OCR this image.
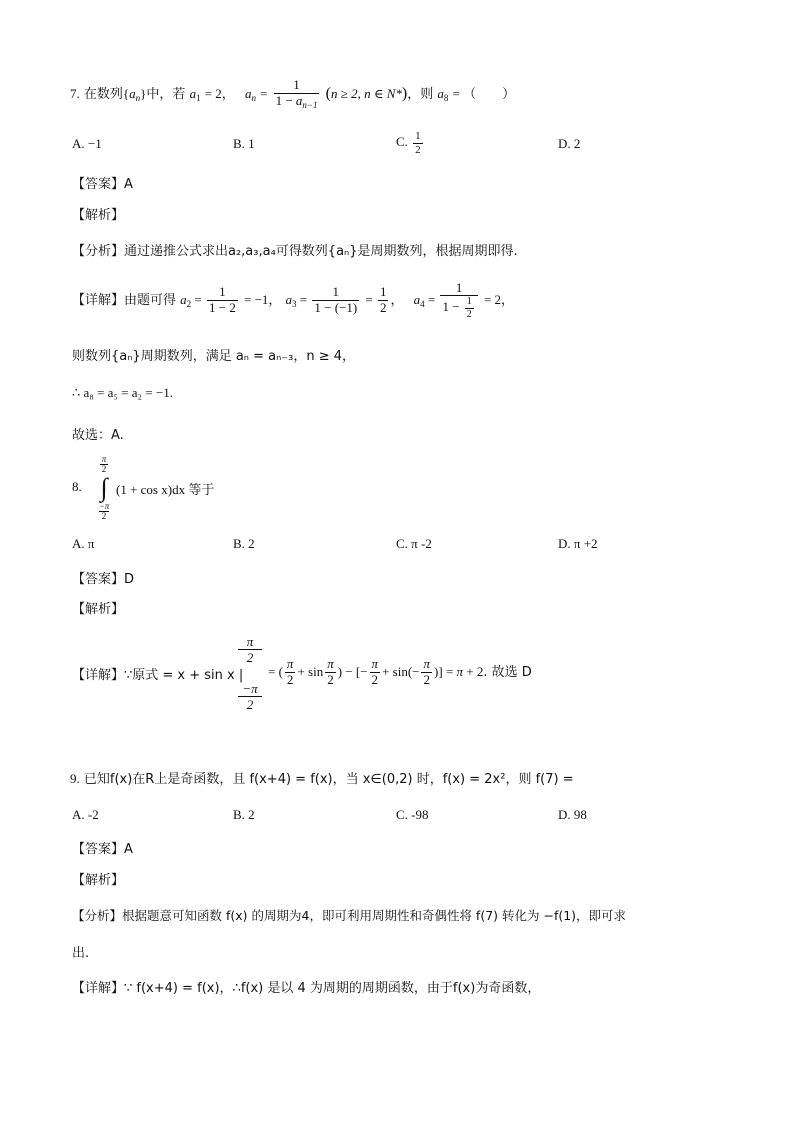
7. 在数列$\{a_n\}$中，若 $a_1 = 2$， $a_n = \frac{1}{1 - a_{n-1}} (n \ge 2$, n ∈ N*)，则 $a_8$ = （　　）
A. −1	B. 1	C. $\frac{1}{2}$	D. 2
【答案】A
【解析】
【分析】通过递推公式求出a₂,a₃,a₄可得数列{aₙ}是周期数列，根据周期即得.
【详解】由题可得 $a_2 = \frac{1}{1 - 2} = -1$， $a_3 = \frac{1}{1 - (-1)} = \frac{1}{2}$ ， $a_4 = \frac{1}{1 - \frac{1}{2}} = 2$，
则数列{aₙ}周期数列，满足 aₙ = aₙ₋₃，n ≥ 4，
∴ a₈ = a₅ = a₂ = −1.
故选：A.
8.
π
2
∫
−π
2
(1 + cos x)dx 等于
A. π	B. 2	C. π -2	D. π +2
【答案】D
【解析】
【详解】∵原式 = x + sin x |
π
2
−π
2
= ( $\frac{\pi}{2} + \sin \frac{\pi}{2}$ ) − [− $\frac{\pi}{2} + \sin(- \frac{\pi}{2}$ )] = π + 2. 故选 D
9. 已知f(x)在R上是奇函数，且 f(x+4) = f(x)，当 x∈(0,2) 时，f(x) = 2x²，则 f(7) =
A. -2	B. 2	C. -98	D. 98
【答案】A
【解析】
【分析】根据题意可知函数 f(x) 的周期为4，即可利用周期性和奇偶性将 f(7) 转化为 −f(1)，即可求
出.
【详解】∵ f(x+4) = f(x)，∴f(x) 是以 4 为周期的周期函数，由于f(x)为奇函数，
